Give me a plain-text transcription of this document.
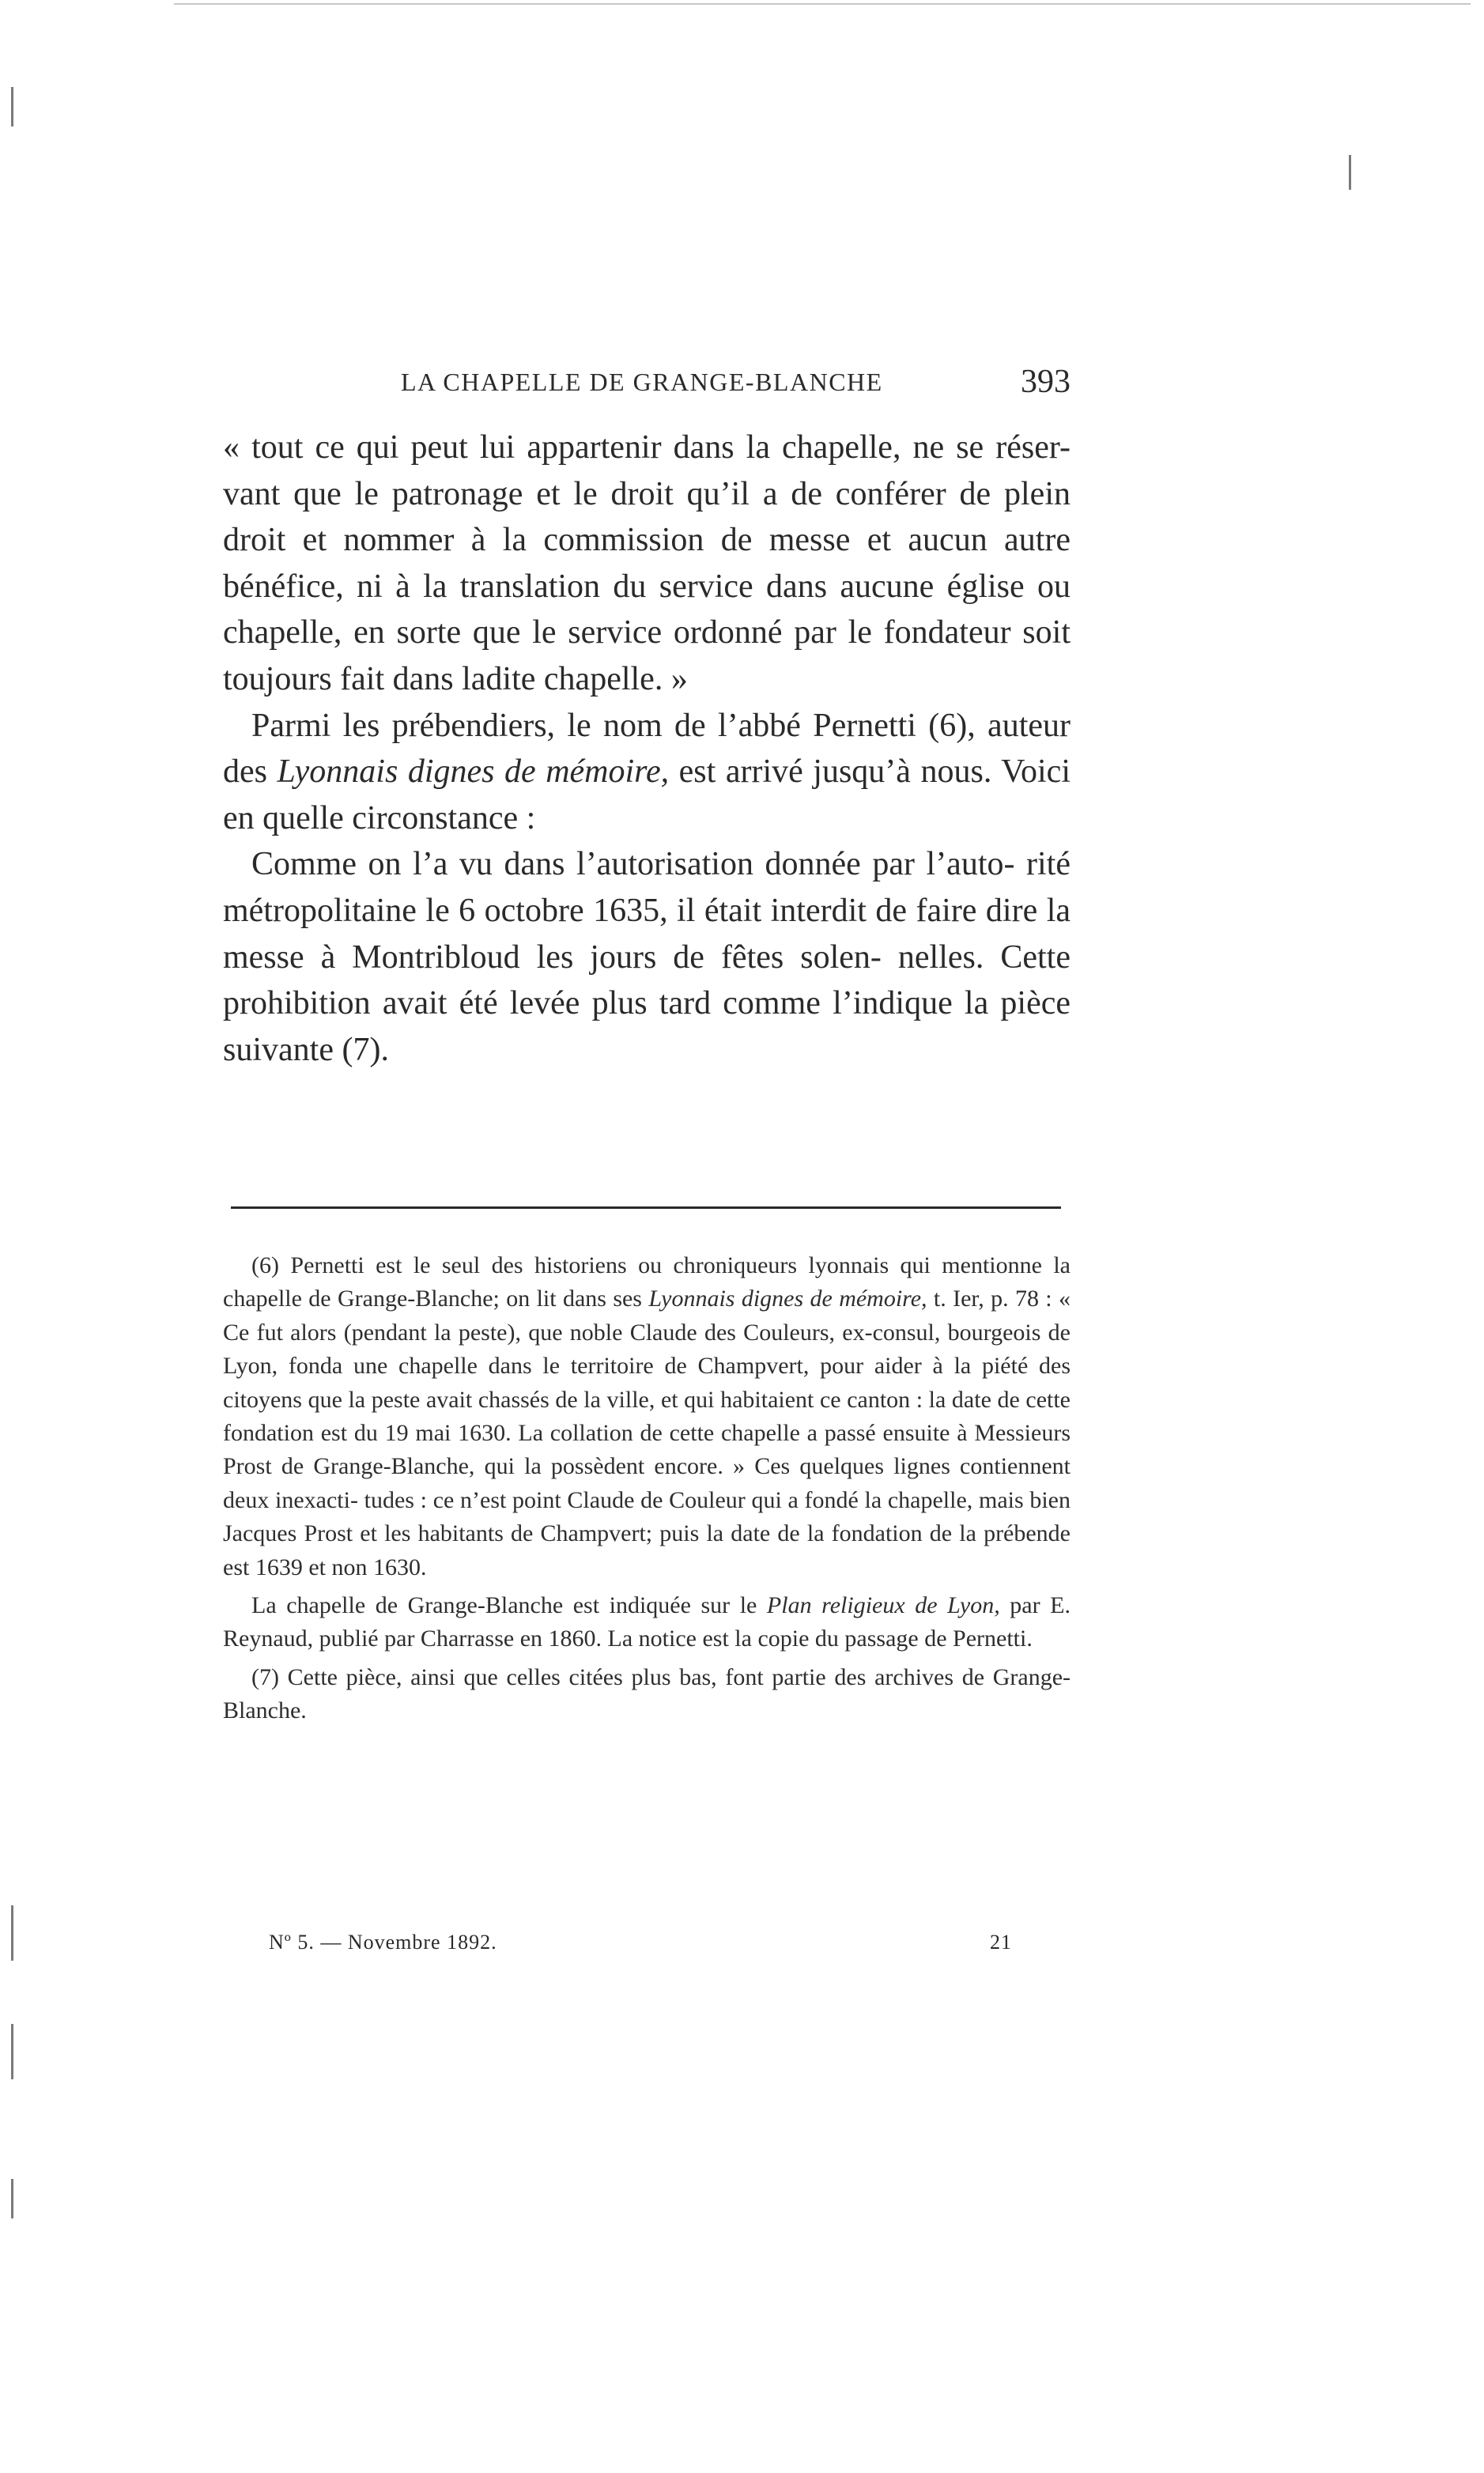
LA CHAPELLE DE GRANGE-BLANCHE	393

« tout ce qui peut lui appartenir dans la chapelle, ne se réser- vant que le patronage et le droit qu’il a de conférer de plein droit et nommer à la commission de messe et aucun autre bénéfice, ni à la translation du service dans aucune église ou chapelle, en sorte que le service ordonné par le fondateur soit toujours fait dans ladite chapelle. »

Parmi les prébendiers, le nom de l’abbé Pernetti (6), auteur des Lyonnais dignes de mémoire, est arrivé jusqu’à nous. Voici en quelle circonstance :

Comme on l’a vu dans l’autorisation donnée par l’auto- rité métropolitaine le 6 octobre 1635, il était interdit de faire dire la messe à Montribloud les jours de fêtes solen- nelles. Cette prohibition avait été levée plus tard comme l’indique la pièce suivante (7).

(6) Pernetti est le seul des historiens ou chroniqueurs lyonnais qui mentionne la chapelle de Grange-Blanche; on lit dans ses Lyonnais dignes de mémoire, t. Ier, p. 78 : « Ce fut alors (pendant la peste), que noble Claude des Couleurs, ex-consul, bourgeois de Lyon, fonda une chapelle dans le territoire de Champvert, pour aider à la piété des citoyens que la peste avait chassés de la ville, et qui habitaient ce canton : la date de cette fondation est du 19 mai 1630. La collation de cette chapelle a passé ensuite à Messieurs Prost de Grange-Blanche, qui la possèdent encore. » Ces quelques lignes contiennent deux inexacti- tudes : ce n’est point Claude de Couleur qui a fondé la chapelle, mais bien Jacques Prost et les habitants de Champvert; puis la date de la fondation de la prébende est 1639 et non 1630.

La chapelle de Grange-Blanche est indiquée sur le Plan religieux de Lyon, par E. Reynaud, publié par Charrasse en 1860. La notice est la copie du passage de Pernetti.

(7) Cette pièce, ainsi que celles citées plus bas, font partie des archives de Grange-Blanche.

Nº 5. — Novembre 1892.	21
